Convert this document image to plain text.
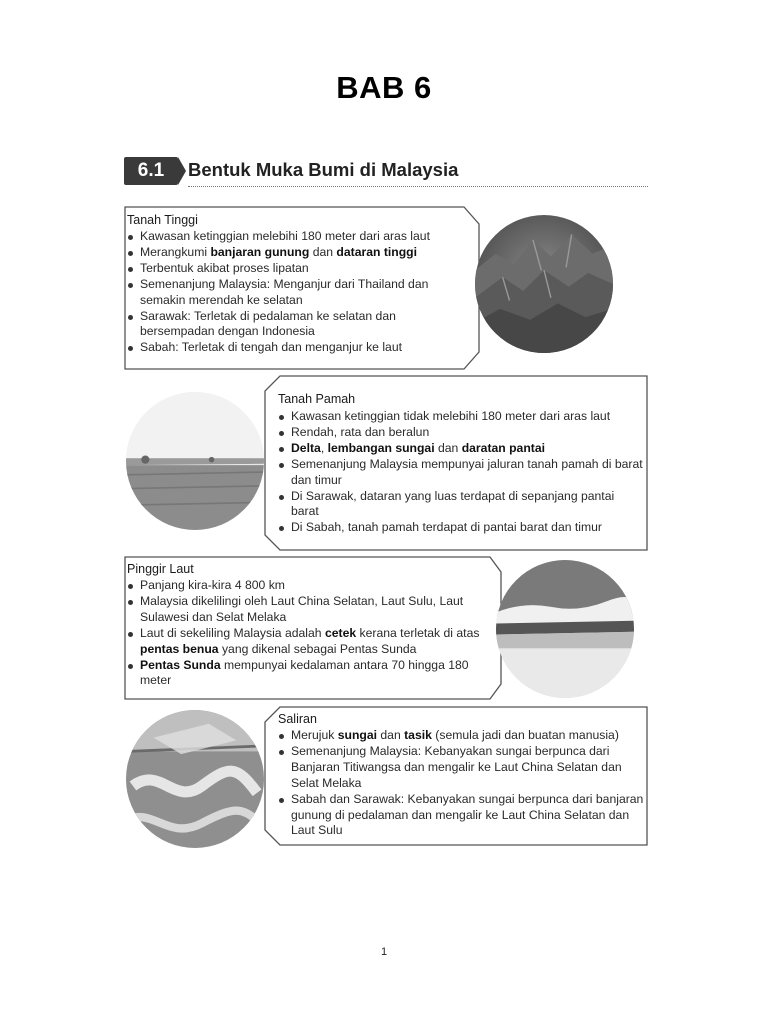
BAB 6
6.1	Bentuk Muka Bumi di Malaysia
Tanah Tinggi
Kawasan ketinggian melebihi 180 meter dari aras laut
Merangkumi banjaran gunung dan dataran tinggi
Terbentuk akibat proses lipatan
Semenanjung Malaysia: Menganjur dari Thailand dan semakin merendah ke selatan
Sarawak: Terletak di pedalaman ke selatan dan bersempadan dengan Indonesia
Sabah: Terletak di tengah dan menganjur ke laut
Tanah Pamah
Kawasan ketinggian tidak melebihi 180 meter dari aras laut
Rendah, rata dan beralun
Delta, lembangan sungai dan daratan pantai
Semenanjung Malaysia mempunyai jaluran tanah pamah di barat dan timur
Di Sarawak, dataran yang luas terdapat di sepanjang pantai barat
Di Sabah, tanah pamah terdapat di pantai barat dan timur
Pinggir Laut
Panjang kira-kira 4 800 km
Malaysia dikelilingi oleh Laut China Selatan, Laut Sulu, Laut Sulawesi dan Selat Melaka
Laut di sekeliling Malaysia adalah cetek kerana terletak di atas pentas benua yang dikenal sebagai Pentas Sunda
Pentas Sunda mempunyai kedalaman antara 70 hingga 180 meter
Saliran
Merujuk sungai dan tasik (semula jadi dan buatan manusia)
Semenanjung Malaysia: Kebanyakan sungai berpunca dari Banjaran Titiwangsa dan mengalir ke Laut China Selatan dan Selat Melaka
Sabah dan Sarawak: Kebanyakan sungai berpunca dari banjaran gunung di pedalaman dan mengalir ke Laut China Selatan dan Laut Sulu
1
